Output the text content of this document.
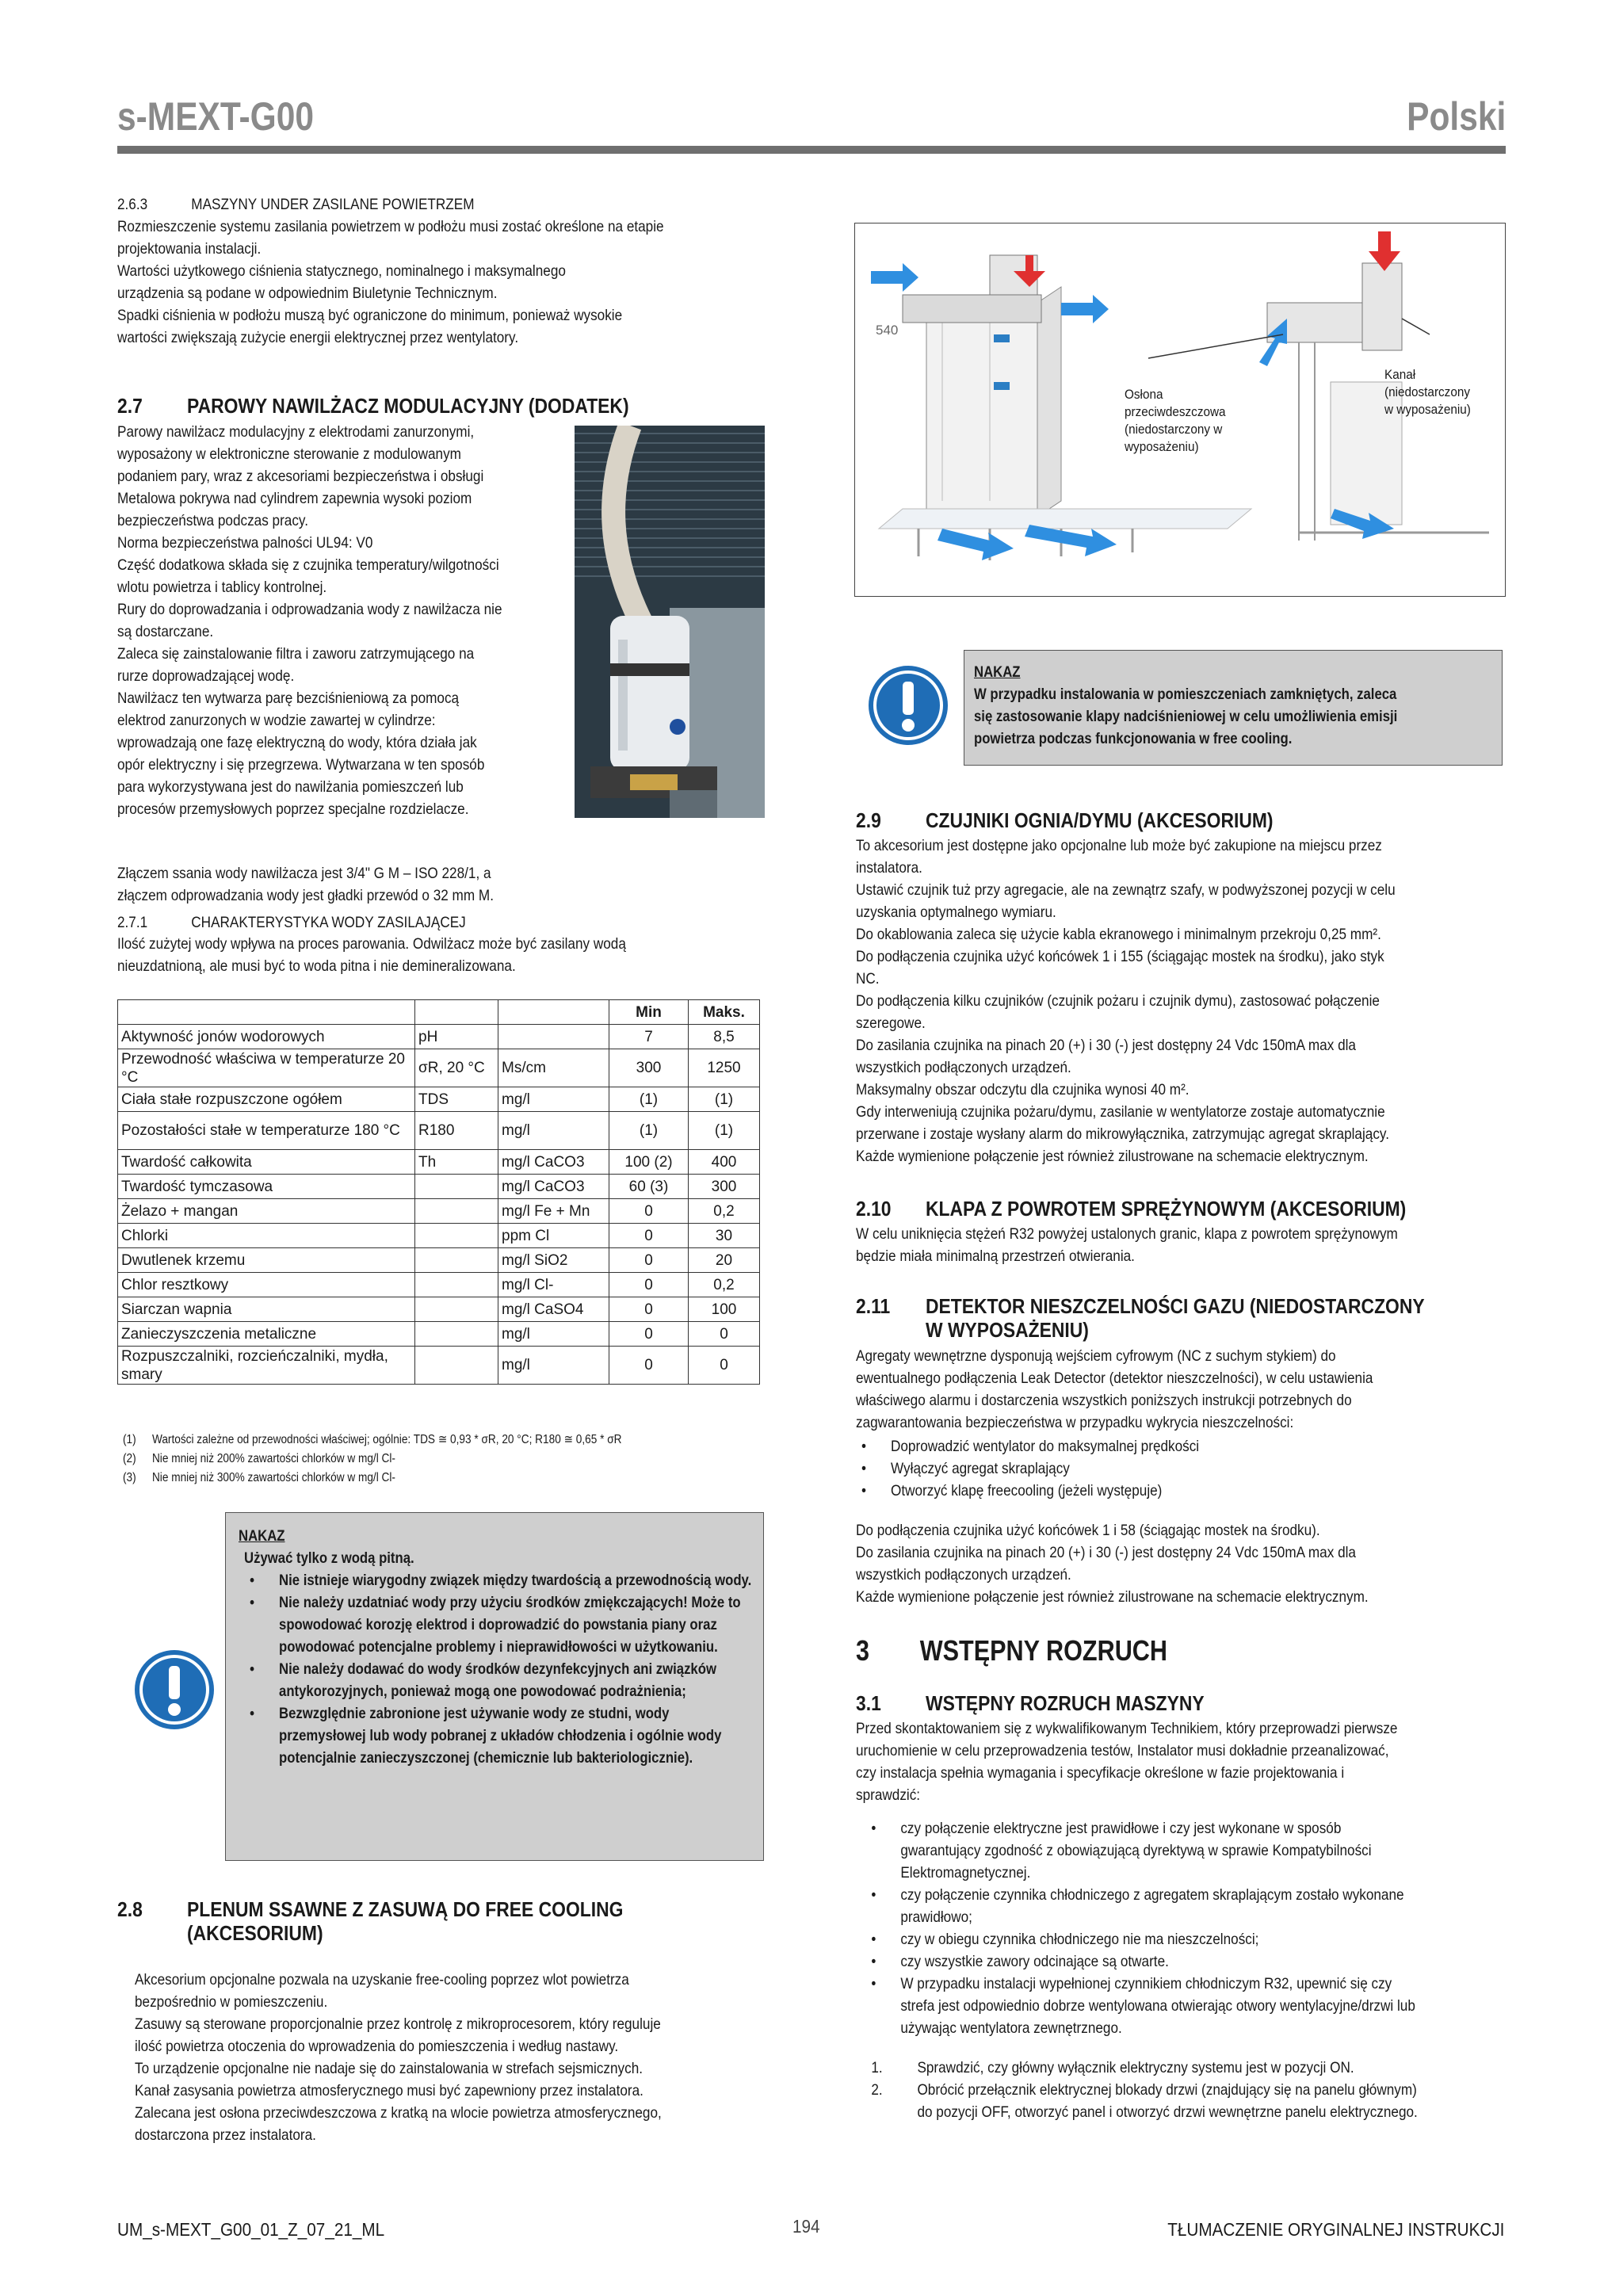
s-MEXT-G00	Polski
2.6.3	MASZYNY UNDER ZASILANE POWIETRZEM

Rozmieszczenie systemu zasilania powietrzem w podłożu musi zostać określone na etapie

projektowania instalacji.

Wartości użytkowego ciśnienia statycznego, nominalnego i maksymalnego

urządzenia są podane w odpowiednim Biuletynie Technicznym.

Spadki ciśnienia w podłożu muszą być ograniczone do minimum, ponieważ wysokie

wartości zwiększają zużycie energii elektrycznej przez wentylatory.

2.7 PAROWY NAWILŻACZ MODULACYJNY (DODATEK)

Parowy nawilżacz modulacyjny z elektrodami zanurzonymi,

wyposażony w elektroniczne sterowanie z modulowanym

podaniem pary, wraz z akcesoriami bezpieczeństwa i obsługi

Metalowa pokrywa nad cylindrem zapewnia wysoki poziom

bezpieczeństwa podczas pracy.

Norma bezpieczeństwa palności UL94: V0

Część dodatkowa składa się z czujnika temperatury/wilgotności

wlotu powietrza i tablicy kontrolnej.

Rury do doprowadzania i odprowadzania wody z nawilżacza nie

są dostarczane.

Zaleca się zainstalowanie filtra i zaworu zatrzymującego na

rurze doprowadzającej wodę.

Nawilżacz ten wytwarza parę bezciśnieniową za pomocą

elektrod zanurzonych w wodzie zawartej w cylindrze:

wprowadzają one fazę elektryczną do wody, która działa jak

opór elektryczny i się przegrzewa. Wytwarzana w ten sposób

para wykorzystywana jest do nawilżania pomieszczeń lub

procesów przemysłowych poprzez specjalne rozdzielacze.

Złączem ssania wody nawilżacza jest 3/4" G M – ISO 228/1, a

złączem odprowadzania wody jest gładki przewód o 32 mm M.

2.7.1	CHARAKTERYSTYKA WODY ZASILAJĄCEJ

Ilość zużytej wody wpływa na proces parowania. Odwilżacz może być zasilany wodą

nieuzdatnioną, ale musi być to woda pitna i nie demineralizowana.

			Min	Maks.
Aktywność jonów wodorowych	pH		7	8,5
Przewodność właściwa w temperaturze 20 °C	σR, 20 °C	Ms/cm	300	1250
Ciała stałe rozpuszczone ogółem	TDS	mg/l	(1)	(1)
Pozostałości stałe w temperaturze 180 °C	R180	mg/l	(1)	(1)
Twardość całkowita	Th	mg/l CaCO3	100 (2)	400
Twardość tymczasowa		mg/l CaCO3	60 (3)	300
Żelazo + mangan		mg/l Fe + Mn	0	0,2
Chlorki		ppm Cl	0	30
Dwutlenek krzemu		mg/l SiO2	0	20
Chlor resztkowy		mg/l Cl-	0	0,2
Siarczan wapnia		mg/l CaSO4	0	100
Zanieczyszczenia metaliczne		mg/l	0	0
Rozpuszczalniki, rozcieńczalniki, mydła, smary		mg/l	0	0
(1) Wartości zależne od przewodności właściwej; ogólnie: TDS ≅ 0,93 * σR, 20 °C; R180 ≅ 0,65 * σR
(2) Nie mniej niż 200% zawartości chlorków w mg/l Cl-
(3) Nie mniej niż 300% zawartości chlorków w mg/l Cl-
NAKAZ
Używać tylko z wodą pitną.
• Nie istnieje wiarygodny związek między twardością a przewodnością wody.
• Nie należy uzdatniać wody przy użyciu środków zmiękczających! Może to spowodować korozję elektrod i doprowadzić do powstania piany oraz powodować potencjalne problemy i nieprawidłowości w użytkowaniu.
• Nie należy dodawać do wody środków dezynfekcyjnych ani związków antykorozyjnych, ponieważ mogą one powodować podrażnienia;
• Bezwzględnie zabronione jest używanie wody ze studni, wody przemysłowej lub wody pobranej z układów chłodzenia i ogólnie wody potencjalnie zanieczyszczonej (chemicznie lub bakteriologicznie).
2.8 PLENUM SSAWNE Z ZASUWĄ DO FREE COOLING
(AKCESORIUM)

Akcesorium opcjonalne pozwala na uzyskanie free-cooling poprzez wlot powietrza

bezpośrednio w pomieszczeniu.

Zasuwy są sterowane proporcjonalnie przez kontrolę z mikroprocesorem, który reguluje

ilość powietrza otoczenia do wprowadzenia do pomieszczenia i według nastawy.

To urządzenie opcjonalne nie nadaje się do zainstalowania w strefach sejsmicznych.

Kanał zasysania powietrza atmosferycznego musi być zapewniony przez instalatora.

Zalecana jest osłona przeciwdeszczowa z kratką na wlocie powietrza atmosferycznego,

dostarczona przez instalatora.

540
Osłona
przeciwdeszczowa
(niedostarczony w
wyposażeniu)
Kanał
(niedostarczony
w wyposażeniu)
NAKAZ
W przypadku instalowania w pomieszczeniach zamkniętych, zaleca
się zastosowanie klapy nadciśnieniowej w celu umożliwienia emisji
powietrza podczas funkcjonowania w free cooling.
2.9 CZUJNIKI OGNIA/DYMU (AKCESORIUM)

To akcesorium jest dostępne jako opcjonalne lub może być zakupione na miejscu przez

instalatora.

Ustawić czujnik tuż przy agregacie, ale na zewnątrz szafy, w podwyższonej pozycji w celu

uzyskania optymalnego wymiaru.

Do okablowania zaleca się użycie kabla ekranowego i minimalnym przekroju 0,25 mm².

Do podłączenia czujnika użyć końcówek 1 i 155 (ściągając mostek na środku), jako styk

NC.

Do podłączenia kilku czujników (czujnik pożaru i czujnik dymu), zastosować połączenie

szeregowe.

Do zasilania czujnika na pinach 20 (+) i 30 (-) jest dostępny 24 Vdc 150mA max dla

wszystkich podłączonych urządzeń.

Maksymalny obszar odczytu dla czujnika wynosi 40 m².

Gdy interweniują czujnika pożaru/dymu, zasilanie w wentylatorze zostaje automatycznie

przerwane i zostaje wysłany alarm do mikrowyłącznika, zatrzymując agregat skraplający.

Każde wymienione połączenie jest również zilustrowane na schemacie elektrycznym.

2.10 KLAPA Z POWROTEM SPRĘŻYNOWYM (AKCESORIUM)

W celu uniknięcia stężeń R32 powyżej ustalonych granic, klapa z powrotem sprężynowym

będzie miała minimalną przestrzeń otwierania.

2.11 DETEKTOR NIESZCZELNOŚCI GAZU (NIEDOSTARCZONY
W WYPOSAŻENIU)

Agregaty wewnętrzne dysponują wejściem cyfrowym (NC z suchym stykiem) do

ewentualnego podłączenia Leak Detector (detektor nieszczelności), w celu ustawienia

właściwego alarmu i dostarczenia wszystkich poniższych instrukcji potrzebnych do

zagwarantowania bezpieczeństwa w przypadku wykrycia nieszczelności:

• Doprowadzić wentylator do maksymalnej prędkości
• Wyłączyć agregat skraplający
• Otworzyć klapę freecooling (jeżeli występuje)

Do podłączenia czujnika użyć końcówek 1 i 58 (ściągając mostek na środku).

Do zasilania czujnika na pinach 20 (+) i 30 (-) jest dostępny 24 Vdc 150mA max dla

wszystkich podłączonych urządzeń.

Każde wymienione połączenie jest również zilustrowane na schemacie elektrycznym.

3 WSTĘPNY ROZRUCH
3.1 WSTĘPNY ROZRUCH MASZYNY

Przed skontaktowaniem się z wykwalifikowanym Technikiem, który przeprowadzi pierwsze

uruchomienie w celu przeprowadzenia testów, Instalator musi dokładnie przeanalizować,

czy instalacja spełnia wymagania i specyfikacje określone w fazie projektowania i

sprawdzić:

• czy połączenie elektryczne jest prawidłowe i czy jest wykonane w sposób
gwarantujący zgodność z obowiązującą dyrektywą w sprawie Kompatybilności
Elektromagnetycznej.
• czy połączenie czynnika chłodniczego z agregatem skraplającym zostało wykonane
prawidłowo;
• czy w obiegu czynnika chłodniczego nie ma nieszczelności;
• czy wszystkie zawory odcinające są otwarte.
• W przypadku instalacji wypełnionej czynnikiem chłodniczym R32, upewnić się czy
strefa jest odpowiednio dobrze wentylowana otwierając otwory wentylacyjne/drzwi lub
używając wentylatora zewnętrznego.
1. Sprawdzić, czy główny wyłącznik elektryczny systemu jest w pozycji ON.
2. Obrócić przełącznik elektrycznej blokady drzwi (znajdujący się na panelu głównym)
do pozycji OFF, otworzyć panel i otworzyć drzwi wewnętrzne panelu elektrycznego.
UM_s-MEXT_G00_01_Z_07_21_ML	194	TŁUMACZENIE ORYGINALNEJ INSTRUKCJI
